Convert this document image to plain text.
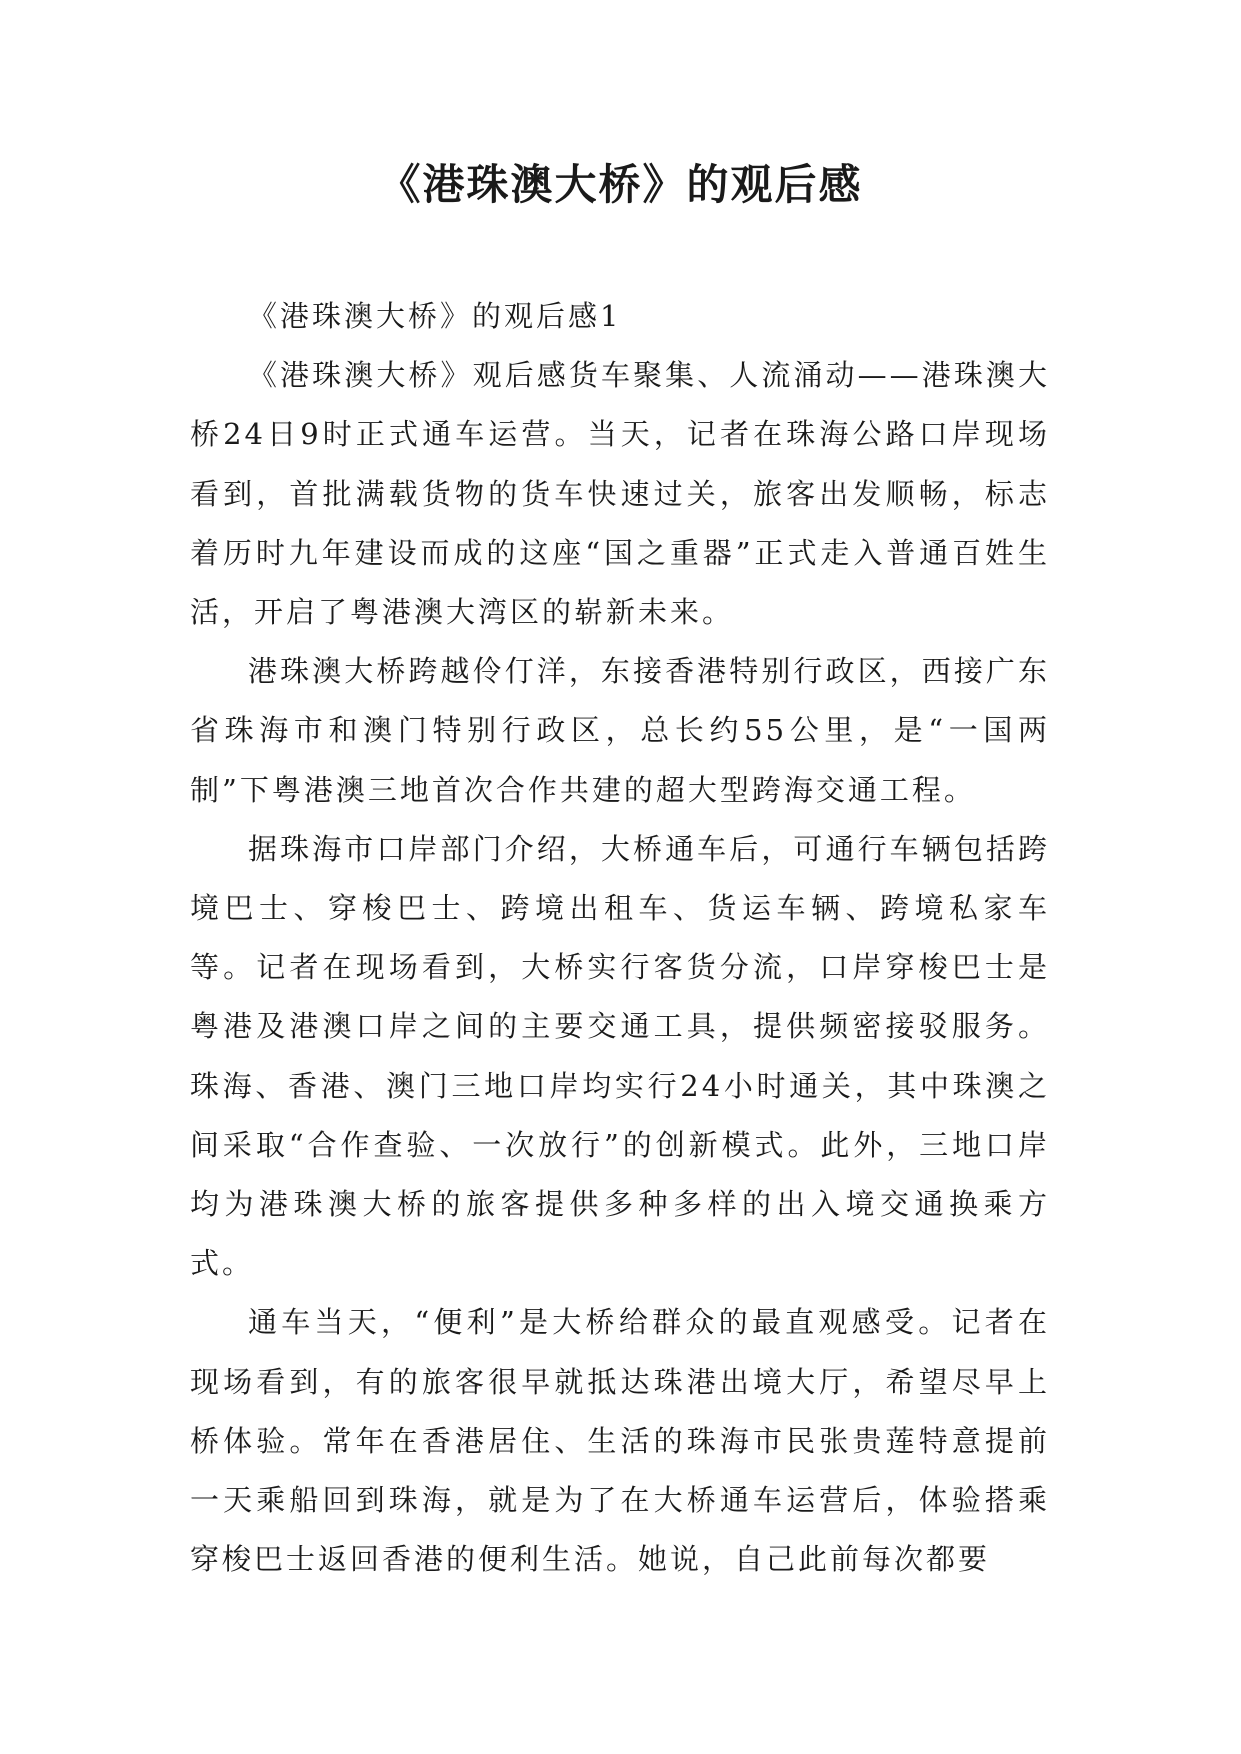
《港珠澳大桥》的观后感

《港珠澳大桥》的观后感1

《港珠澳大桥》观后感货车聚集、人流涌动——港珠澳大桥24日9时正式通车运营。当天，记者在珠海公路口岸现场看到，首批满载货物的货车快速过关，旅客出发顺畅，标志着历时九年建设而成的这座“国之重器”正式走入普通百姓生活，开启了粤港澳大湾区的崭新未来。

港珠澳大桥跨越伶仃洋，东接香港特别行政区，西接广东省珠海市和澳门特别行政区，总长约55公里，是“一国两制”下粤港澳三地首次合作共建的超大型跨海交通工程。

据珠海市口岸部门介绍，大桥通车后，可通行车辆包括跨境巴士、穿梭巴士、跨境出租车、货运车辆、跨境私家车等。记者在现场看到，大桥实行客货分流，口岸穿梭巴士是粤港及港澳口岸之间的主要交通工具，提供频密接驳服务。珠海、香港、澳门三地口岸均实行24小时通关，其中珠澳之间采取“合作查验、一次放行”的创新模式。此外，三地口岸均为港珠澳大桥的旅客提供多种多样的出入境交通换乘方式。

通车当天，“便利”是大桥给群众的最直观感受。记者在现场看到，有的旅客很早就抵达珠港出境大厅，希望尽早上桥体验。常年在香港居住、生活的珠海市民张贵莲特意提前一天乘船回到珠海，就是为了在大桥通车运营后，体验搭乘穿梭巴士返回香港的便利生活。她说，自己此前每次都要
